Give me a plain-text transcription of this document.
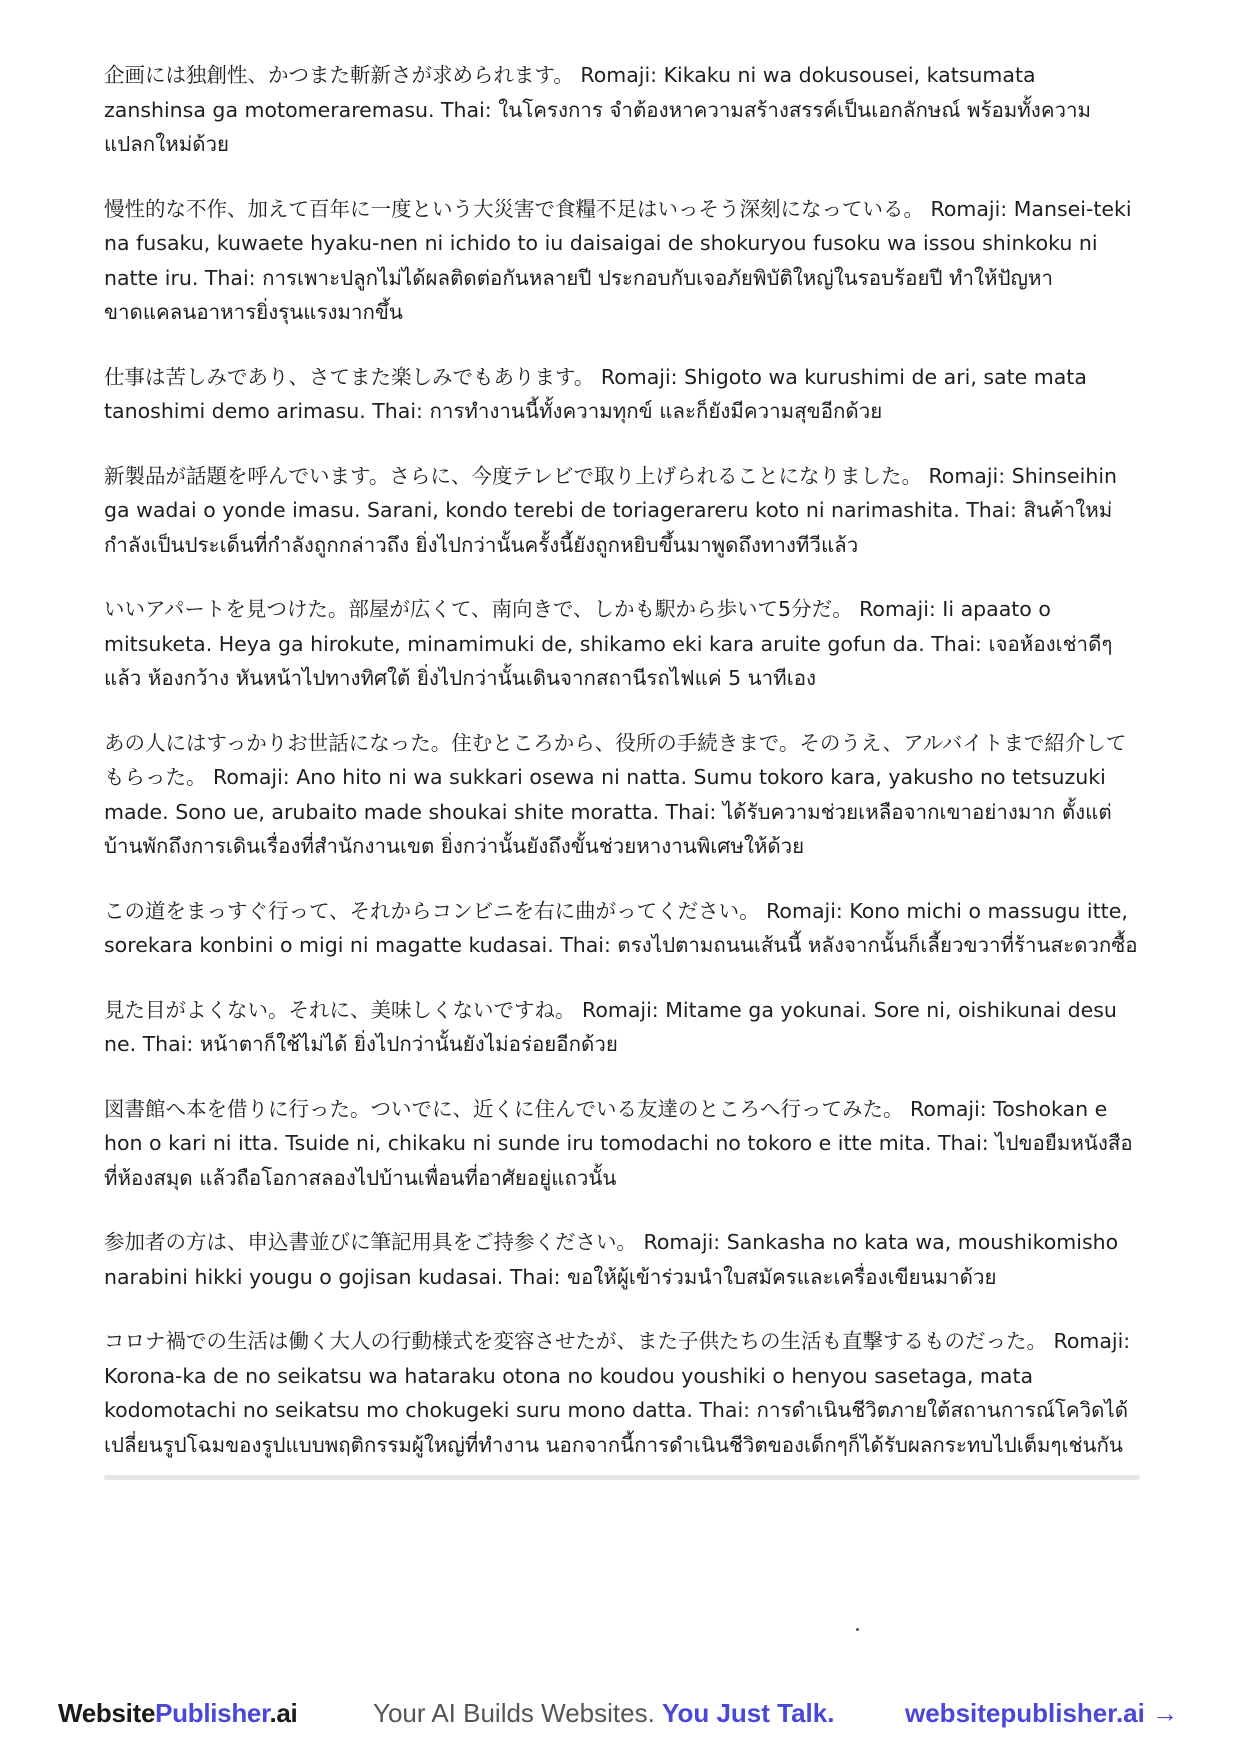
企画には独創性、かつまた斬新さが求められます。 Romaji: Kikaku ni wa dokusousei, katsumata zanshinsa ga motomeraremasu. Thai: ในโครงการ จำต้องหาความสร้างสรรค์เป็นเอกลักษณ์ พร้อมทั้งความแปลกใหม่ด้วย

慢性的な不作、加えて百年に一度という大災害で食糧不足はいっそう深刻になっている。 Romaji: Mansei-teki na fusaku, kuwaete hyaku-nen ni ichido to iu daisaigai de shokuryou fusoku wa issou shinkoku ni natte iru. Thai: การเพาะปลูกไม่ได้ผลติดต่อกันหลายปี ประกอบกับเจอภัยพิบัติใหญ่ในรอบร้อยปี ทำให้ปัญหาขาดแคลนอาหารยิ่งรุนแรงมากขึ้น

仕事は苦しみであり、さてまた楽しみでもあります。 Romaji: Shigoto wa kurushimi de ari, sate mata tanoshimi demo arimasu. Thai: การทำงานนี้ทั้งความทุกข์ และก็ยังมีความสุขอีกด้วย

新製品が話題を呼んでいます。さらに、今度テレビで取り上げられることになりました。 Romaji: Shinseihin ga wadai o yonde imasu. Sarani, kondo terebi de toriagerareru koto ni narimashita. Thai: สินค้าใหม่กำลังเป็นประเด็นที่กำลังถูกกล่าวถึง ยิ่งไปกว่านั้นครั้งนี้ยังถูกหยิบขึ้นมาพูดถึงทางทีวีแล้ว

いいアパートを見つけた。部屋が広くて、南向きで、しかも駅から歩いて5分だ。 Romaji: Ii apaato o mitsuketa. Heya ga hirokute, minamimuki de, shikamo eki kara aruite gofun da. Thai: เจอห้องเช่าดีๆแล้ว ห้องกว้าง หันหน้าไปทางทิศใต้ ยิ่งไปกว่านั้นเดินจากสถานีรถไฟแค่ 5 นาทีเอง

あの人にはすっかりお世話になった。住むところから、役所の手続きまで。そのうえ、アルバイトまで紹介してもらった。 Romaji: Ano hito ni wa sukkari osewa ni natta. Sumu tokoro kara, yakusho no tetsuzuki made. Sono ue, arubaito made shoukai shite moratta. Thai: ได้รับความช่วยเหลือจากเขาอย่างมาก ตั้งแต่บ้านพักถึงการเดินเรื่องที่สำนักงานเขต ยิ่งกว่านั้นยังถึงขั้นช่วยหางานพิเศษให้ด้วย

この道をまっすぐ行って、それからコンビニを右に曲がってください。 Romaji: Kono michi o massugu itte, sorekara konbini o migi ni magatte kudasai. Thai: ตรงไปตามถนนเส้นนี้ หลังจากนั้นก็เลี้ยวขวาที่ร้านสะดวกซื้อ

見た目がよくない。それに、美味しくないですね。 Romaji: Mitame ga yokunai. Sore ni, oishikunai desu ne. Thai: หน้าตาก็ใช้ไม่ได้ ยิ่งไปกว่านั้นยังไม่อร่อยอีกด้วย

図書館へ本を借りに行った。ついでに、近くに住んでいる友達のところへ行ってみた。 Romaji: Toshokan e hon o kari ni itta. Tsuide ni, chikaku ni sunde iru tomodachi no tokoro e itte mita. Thai: ไปขอยืมหนังสือที่ห้องสมุด แล้วถือโอกาสลองไปบ้านเพื่อนที่อาศัยอยู่แถวนั้น

参加者の方は、申込書並びに筆記用具をご持参ください。 Romaji: Sankasha no kata wa, moushikomisho narabini hikki yougu o gojisan kudasai. Thai: ขอให้ผู้เข้าร่วมนำใบสมัครและเครื่องเขียนมาด้วย

コロナ禍での生活は働く大人の行動様式を変容させたが、また子供たちの生活も直撃するものだった。 Romaji: Korona-ka de no seikatsu wa hataraku otona no koudou youshiki o henyou sasetaga, mata kodomotachi no seikatsu mo chokugeki suru mono datta. Thai: การดำเนินชีวิตภายใต้สถานการณ์โควิดได้เปลี่ยนรูปโฉมของรูปแบบพฤติกรรมผู้ใหญ่ที่ทำงาน นอกจากนี้การดำเนินชีวิตของเด็กๆก็ได้รับผลกระทบไปเต็มๆเช่นกัน

WebsitePublisher.ai	Your AI Builds Websites. You Just Talk.	websitepublisher.ai →
